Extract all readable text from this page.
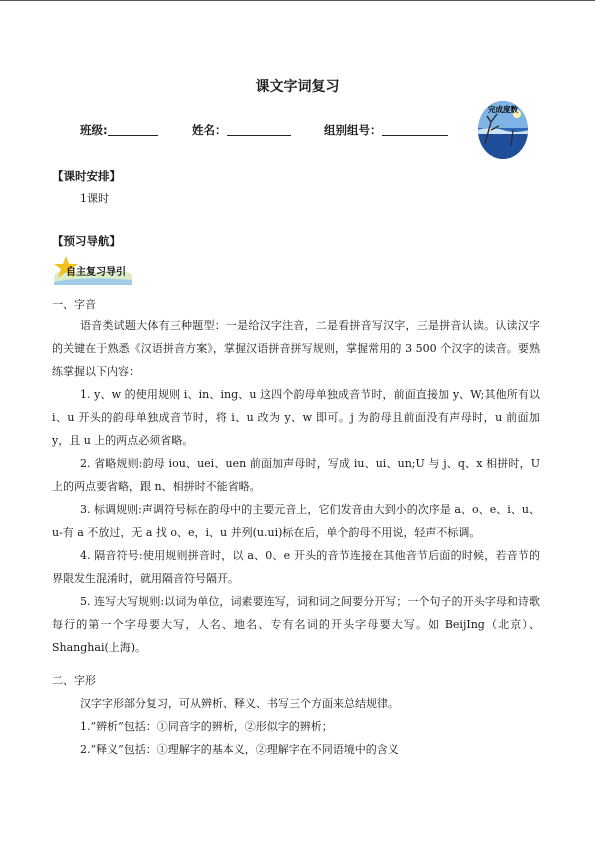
课文字词复习
班级:	姓名：	组别组号：
完成度数
【课时安排】
1课时
【预习导航】
自主复习导引
一、字音

语音类试题大体有三种题型：一是给汉字注音，二是看拼音写汉字，三是拼音认读。认读汉字的关键在于熟悉《汉语拼音方案》，掌握汉语拼音拼写规则，掌握常用的 3 500 个汉字的读音。要熟练掌握以下内容：

1. y、w 的使用规则 i、in、ing、u 这四个韵母单独成音节时，前面直接加 y、W;其他所有以 i、u 开头的韵母单独成音节时，将 i、u 改为 y、w 即可。j 为韵母且前面没有声母时，u 前面加 y，且 u 上的两点必须省略。

2. 省略规则:韵母 iou、uei、uen 前面加声母时，写成 iu、ui、un;U 与 j、q、x 相拼时，U 上的两点要省略，跟 n、相拼时不能省略。

3. 标调规则:声调符号标在韵母中的主要元音上，它们发音由大到小的次序是 a、o、e、i、u、u-有 a 不放过，无 a 找 o、e，i、u 并列(u.ui)标在后，单个韵母不用说，轻声不标调。

4. 隔音符号:使用规则拼音时，以 a、0、e 开头的音节连接在其他音节后面的时候，若音节的界限发生混淆时，就用隔音符号隔开。

5. 连写大写规则:以词为单位，词素要连写，词和词之间要分开写；一个句子的开头字母和诗歌每行的第一个字母要大写，人名、地名、专有名词的开头字母要大写。如 BeijIng（北京）、Shanghai(上海)。

二、字形
汉字字形部分复习，可从辨析、释义、书写三个方面来总结规律。
1.“辨析”包括：①同音字的辨析，②形似字的辨析；
2.“释义”包括：①理解字的基本义，②理解字在不同语境中的含义
